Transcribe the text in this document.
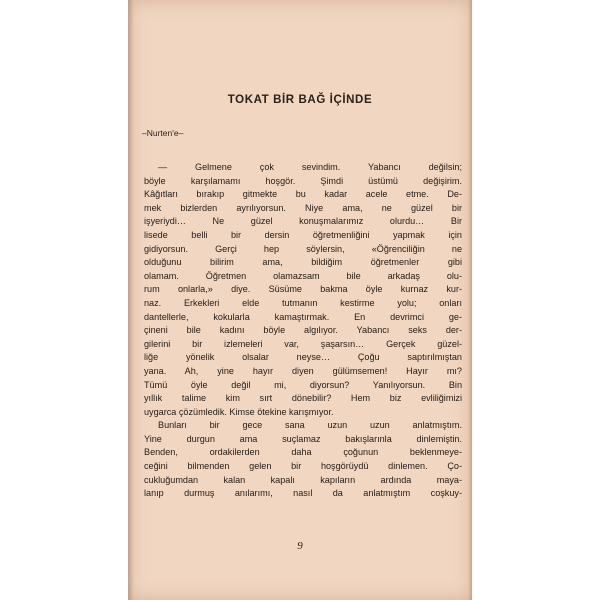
TOKAT BİR BAĞ İÇİNDE

–Nurten'e–

— Gelmene çok sevindim. Yabancı değilsin;
böyle karşılamamı hoşgör. Şimdi üstümü değişirim.
Kâğıtları bırakıp gitmekte bu kadar acele etme. De-
mek bizlerden ayrılıyorsun. Niye ama, ne güzel bir
işyeriydi… Ne güzel konuşmalarımız olurdu… Bir
lisede belli bir dersin öğretmenliğini yapmak için
gidiyorsun. Gerçi hep söylersin, «Öğrenciliğin ne
olduğunu bilirim ama, bildiğim öğretmenler gibi
olamam. Öğretmen olamazsam bile arkadaş olu-
rum onlarla,» diye. Süsüme bakma öyle kurnaz kur-
naz. Erkekleri elde tutmanın kestirme yolu; onları
dantellerle, kokularla kamaştırmak. En devrimci ge-
çineni bile kadını böyle algılıyor. Yabancı seks der-
gilerini bir izlemeleri var, şaşarsın… Gerçek güzel-
liğe yönelik olsalar neyse… Çoğu saptırılmıştan
yana. Ah, yine hayır diyen gülümsemen! Hayır mı?
Tümü öyle değil mi, diyorsun? Yanılıyorsun. Bin
yıllık talime kim sırt dönebilir? Hem biz evliliğimizi
uygarca çözümledik. Kimse ötekine karışmıyor.
Bunları bir gece sana uzun uzun anlatmıştım.
Yine durgun ama suçlamaz bakışlarınla dinlemiştin.
Benden, ordakilerden daha çoğunun beklenmeye-
ceğini bilmenden gelen bir hoşgörüydü dinlemen. Ço-
cukluğumdan kalan kapalı kapıların ardında maya-
lanıp durmuş anılarımı, nasıl da anlatmıştım coşkuy-

9
